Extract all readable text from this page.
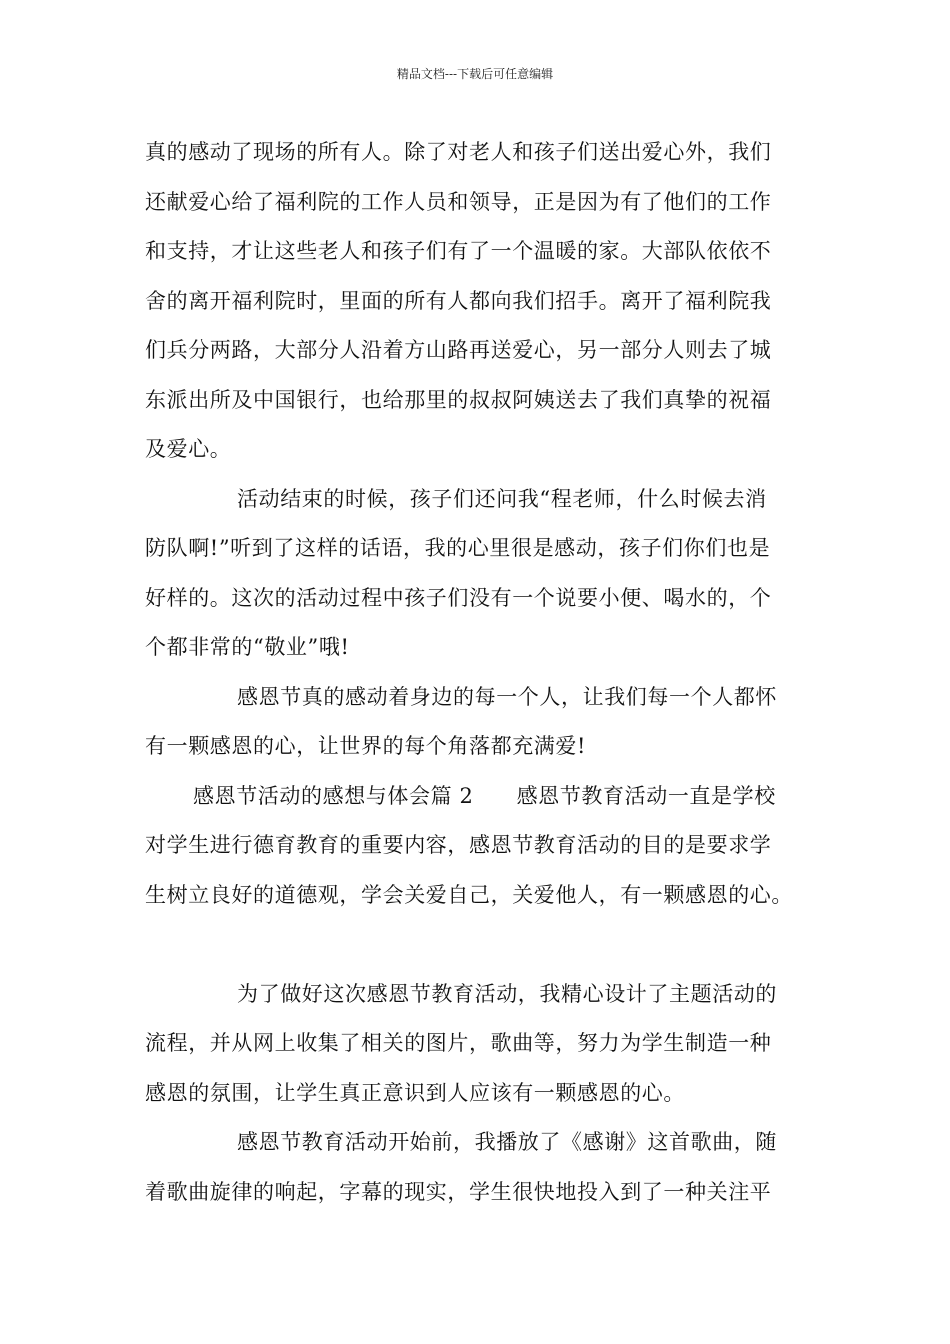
精品文档---下载后可任意编辑
真的感动了现场的所有人。除了对老人和孩子们送出爱心外，我们
还献爱心给了福利院的工作人员和领导，正是因为有了他们的工作
和支持，才让这些老人和孩子们有了一个温暖的家。大部队依依不
舍的离开福利院时，里面的所有人都向我们招手。离开了福利院我
们兵分两路，大部分人沿着方山路再送爱心，另一部分人则去了城
东派出所及中国银行，也给那里的叔叔阿姨送去了我们真挚的祝福
及爱心。
活动结束的时候，孩子们还问我“程老师，什么时候去消
防队啊!”听到了这样的话语，我的心里很是感动，孩子们你们也是
好样的。这次的活动过程中孩子们没有一个说要小便、喝水的，个
个都非常的“敬业”哦!
感恩节真的感动着身边的每一个人，让我们每一个人都怀
有一颗感恩的心，让世界的每个角落都充满爱!
感恩节活动的感想与体会篇 2　　感恩节教育活动一直是学校
对学生进行德育教育的重要内容，感恩节教育活动的目的是要求学
生树立良好的道德观，学会关爱自己，关爱他人，有一颗感恩的心。
为了做好这次感恩节教育活动，我精心设计了主题活动的
流程，并从网上收集了相关的图片，歌曲等，努力为学生制造一种
感恩的氛围，让学生真正意识到人应该有一颗感恩的心。
感恩节教育活动开始前，我播放了《感谢》这首歌曲，随
着歌曲旋律的响起，字幕的现实，学生很快地投入到了一种关注平
